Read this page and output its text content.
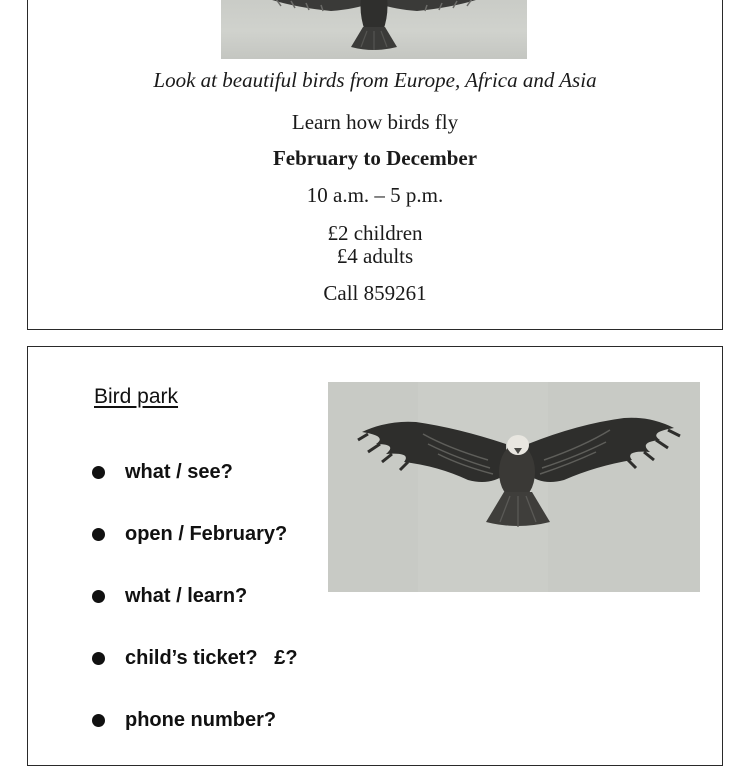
Look at beautiful birds from Europe, Africa and Asia
Learn how birds fly
February to December
10 a.m. – 5 p.m.
£2 children
£4 adults
Call 859261
Bird park
what / see?
open / February?
what / learn?
child’s ticket?   £?
phone number?
